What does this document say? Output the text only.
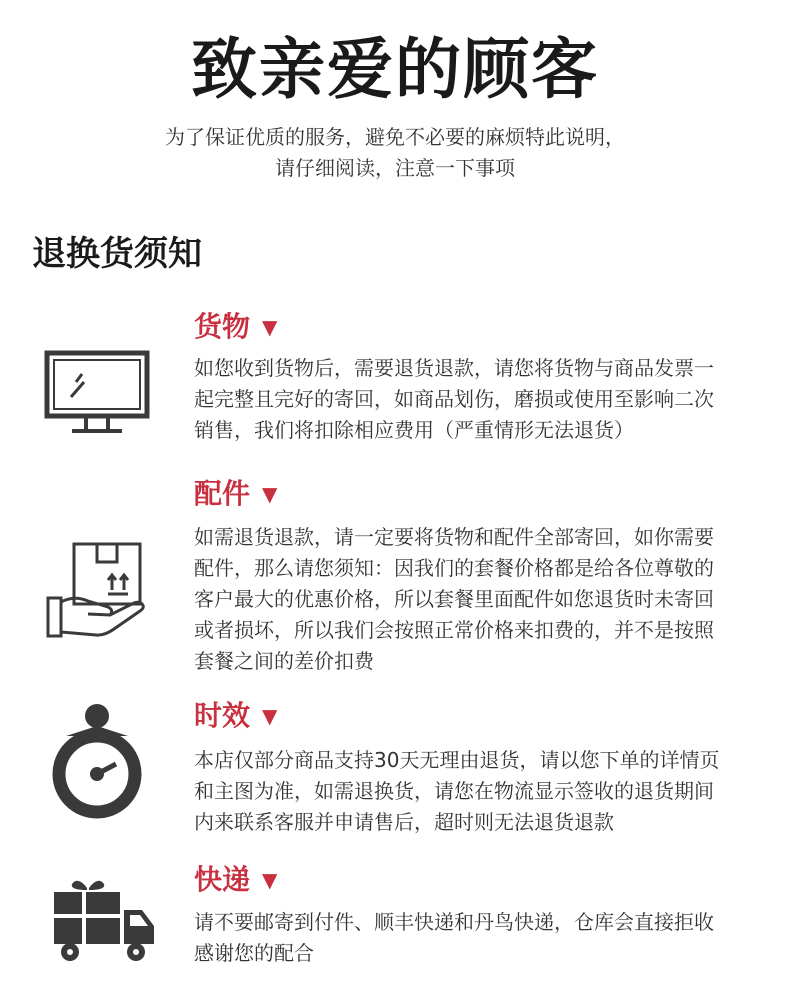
致亲爱的顾客
为了保证优质的服务，避免不必要的麻烦特此说明，
请仔细阅读，注意一下事项
退换货须知
货物 ▼
如您收到货物后，需要退货退款，请您将货物与商品发票一
起完整且完好的寄回，如商品划伤，磨损或使用至影响二次
销售，我们将扣除相应费用（严重情形无法退货）
配件 ▼
如需退货退款，请一定要将货物和配件全部寄回，如你需要
配件，那么请您须知：因我们的套餐价格都是给各位尊敬的
客户最大的优惠价格，所以套餐里面配件如您退货时未寄回
或者损坏，所以我们会按照正常价格来扣费的，并不是按照
套餐之间的差价扣费
时效 ▼
本店仅部分商品支持30天无理由退货，请以您下单的详情页
和主图为准，如需退换货，请您在物流显示签收的退货期间
内来联系客服并申请售后，超时则无法退货退款
快递 ▼
请不要邮寄到付件、顺丰快递和丹鸟快递，仓库会直接拒收
感谢您的配合
